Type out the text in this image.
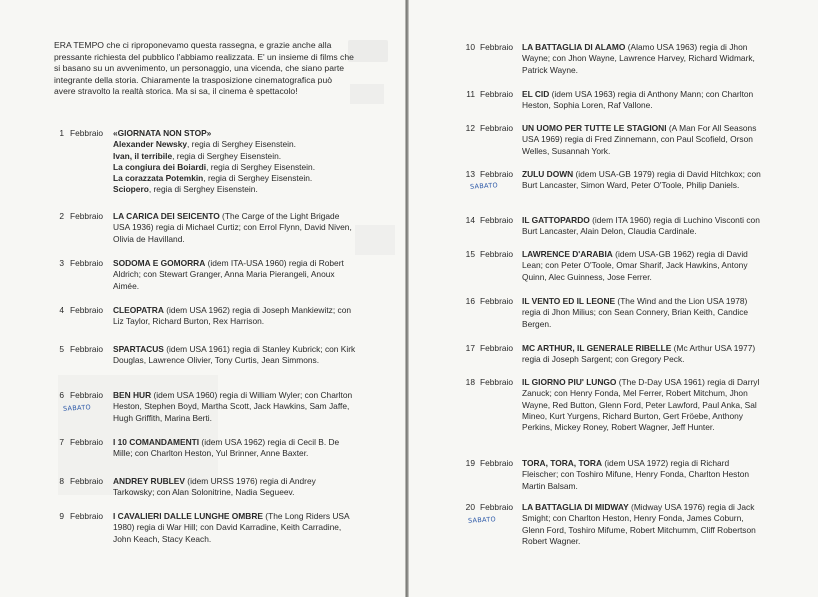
ERA TEMPO che ci riproponevamo questa rassegna, e grazie anche alla pressante richiesta del pubblico l'abbiamo realizzata. E' un insieme di films che si basano su un avvenimento, un personaggio, una vicenda, che siano parte integrante della storia. Chiaramente la trasposizione cinematografica può avere stravolto la realtà storica. Ma si sa, il cinema è spettacolo!
1 Febbraio «GIORNATA NON STOP»
Alexander Newsky, regia di Serghey Eisenstein.
Ivan, il terribile, regia di Serghey Eisenstein.
La congiura dei Boiardi, regia di Serghey Eisenstein.
La corazzata Potemkin, regia di Serghey Eisenstein.
Sciopero, regia di Serghey Eisenstein.
2 Febbraio LA CARICA DEI SEICENTO (The Carge of the Light Brigade USA 1936) regia di Michael Curtiz; con Errol Flynn, David Niven, Olivia de Havilland.
3 Febbraio SODOMA E GOMORRA (idem ITA-USA 1960) regia di Robert Aldrich; con Stewart Granger, Anna Maria Pierangeli, Anoux Aimée.
4 Febbraio CLEOPATRA (idem USA 1962) regia di Joseph Mankiewitz; con Liz Taylor, Richard Burton, Rex Harrison.
5 Febbraio SPARTACUS (idem USA 1961) regia di Stanley Kubrick; con Kirk Douglas, Lawrence Olivier, Tony Curtis, Jean Simmons.
6 Febbraio BEN HUR (idem USA 1960) regia di William Wyler; con Charlton Heston, Stephen Boyd, Martha Scott, Jack Hawkins, Sam Jaffe, Hugh Griffith, Marina Berti.
7 Febbraio I 10 COMANDAMENTI (idem USA 1962) regia di Cecil B. De Mille; con Charlton Heston, Yul Brinner, Anne Baxter.
8 Febbraio ANDREY RUBLEV (idem URSS 1976) regia di Andrey Tarkowsky; con Alan Solonitrine, Nadia Segueev.
9 Febbraio I CAVALIERI DALLE LUNGHE OMBRE (The Long Riders USA 1980) regia di War Hill; con David Karradine, Keith Carradine, John Keach, Stacy Keach.
10 Febbraio LA BATTAGLIA DI ALAMO (Alamo USA 1963) regia di Jhon Wayne; con Jhon Wayne, Lawrence Harvey, Richard Widmark, Patrick Wayne.
11 Febbraio EL CID (idem USA 1963) regia di Anthony Mann; con Charlton Heston, Sophia Loren, Raf Vallone.
12 Febbraio UN UOMO PER TUTTE LE STAGIONI (A Man For All Seasons USA 1969) regia di Fred Zinnemann, con Paul Scofield, Orson Welles, Susannah York.
13 Febbraio ZULU DOWN (idem USA-GB 1979) regia di David Hitchkox; con Burt Lancaster, Simon Ward, Peter O'Toole, Philip Daniels.
14 Febbraio IL GATTOPARDO (idem ITA 1960) regia di Luchino Visconti con Burt Lancaster, Alain Delon, Claudia Cardinale.
15 Febbraio LAWRENCE D'ARABIA (idem USA-GB 1962) regia di David Lean; con Peter O'Toole, Omar Sharif, Jack Hawkins, Antony Quinn, Alec Guinness, Jose Ferrer.
16 Febbraio IL VENTO ED IL LEONE (The Wind and the Lion USA 1978) regia di Jhon Milius; con Sean Connery, Brian Keith, Candice Bergen.
17 Febbraio MC ARTHUR, IL GENERALE RIBELLE (Mc Arthur USA 1977) regia di Joseph Sargent; con Gregory Peck.
18 Febbraio IL GIORNO PIU' LUNGO (The D-Day USA 1961) regia di Darryl Zanuck; con Henry Fonda, Mel Ferrer, Robert Mitchum, Jhon Wayne, Red Button, Glenn Ford, Peter Lawford, Paul Anka, Sal Mineo, Kurt Yurgens, Richard Burton, Gert Fröebe, Anthony Perkins, Mickey Roney, Robert Wagner, Jeff Hunter.
19 Febbraio TORA, TORA, TORA (idem USA 1972) regia di Richard Fleischer; con Toshiro Mifune, Henry Fonda, Charlton Heston Martin Balsam.
20 Febbraio LA BATTAGLIA DI MIDWAY (Midway USA 1976) regia di Jack Smight; con Charlton Heston, Henry Fonda, James Coburn, Glenn Ford, Toshiro Mifume, Robert Mitchumm, Cliff Robertson Robert Wagner.
SABATO
SABATO
SABATO
